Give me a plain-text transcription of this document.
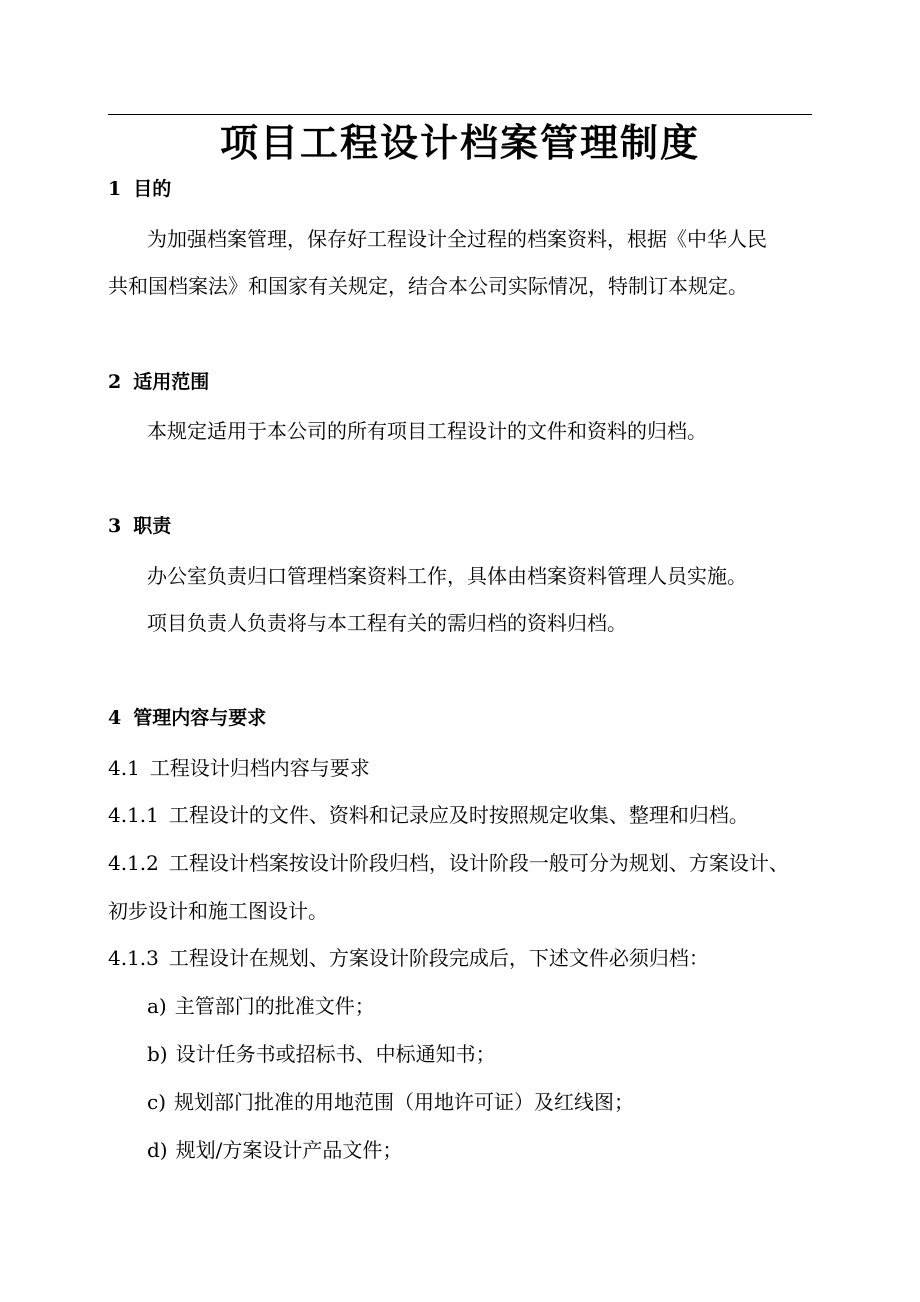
项目工程设计档案管理制度
1 目的

为加强档案管理，保存好工程设计全过程的档案资料，根据《中华人民

共和国档案法》和国家有关规定，结合本公司实际情况，特制订本规定。

2 适用范围

本规定适用于本公司的所有项目工程设计的文件和资料的归档。

3 职责

办公室负责归口管理档案资料工作，具体由档案资料管理人员实施。

项目负责人负责将与本工程有关的需归档的资料归档。

4 管理内容与要求
4.1 工程设计归档内容与要求
4.1.1 工程设计的文件、资料和记录应及时按照规定收集、整理和归档。
4.1.2 工程设计档案按设计阶段归档，设计阶段一般可分为规划、方案设计、

初步设计和施工图设计。

4.1.3 工程设计在规划、方案设计阶段完成后，下述文件必须归档：
a) 主管部门的批准文件；
b) 设计任务书或招标书、中标通知书；
c) 规划部门批准的用地范围（用地许可证）及红线图；
d) 规划/方案设计产品文件；
